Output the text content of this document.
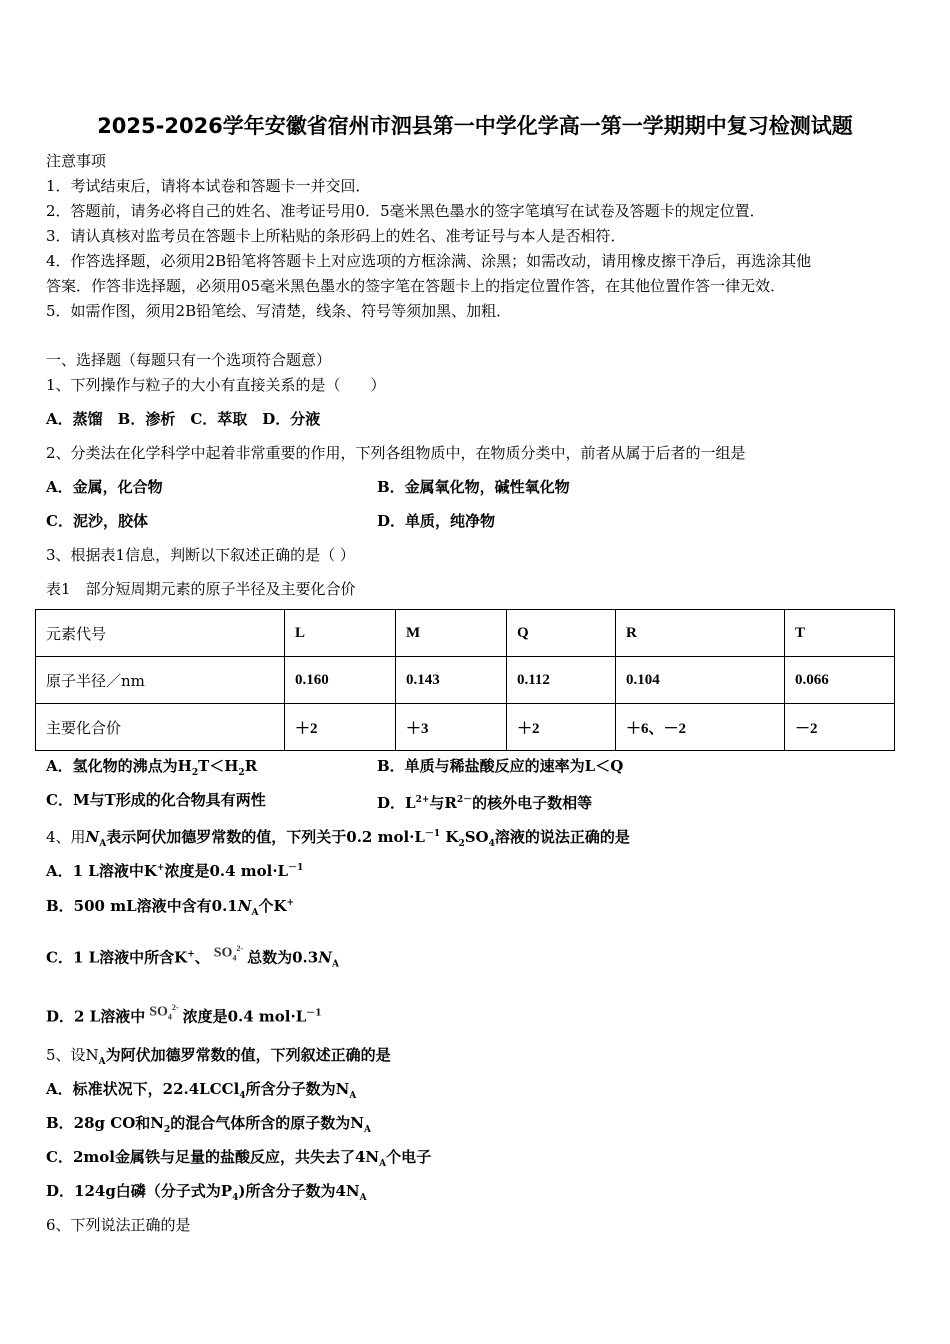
2025-2026学年安徽省宿州市泗县第一中学化学高一第一学期期中复习检测试题
注意事项
1．考试结束后，请将本试卷和答题卡一并交回．
2．答题前，请务必将自己的姓名、准考证号用0．5毫米黑色墨水的签字笔填写在试卷及答题卡的规定位置．
3．请认真核对监考员在答题卡上所粘贴的条形码上的姓名、准考证号与本人是否相符．
4．作答选择题，必须用2B铅笔将答题卡上对应选项的方框涂满、涂黑；如需改动，请用橡皮擦干净后，再选涂其他
答案．作答非选择题，必须用05毫米黑色墨水的签字笔在答题卡上的指定位置作答，在其他位置作答一律无效．
5．如需作图，须用2B铅笔绘、写清楚，线条、符号等须加黑、加粗．
一、选择题（每题只有一个选项符合题意）
1、下列操作与粒子的大小有直接关系的是（　　）
A．蒸馏　B．渗析　C．萃取　D．分液
2、分类法在化学科学中起着非常重要的作用，下列各组物质中，在物质分类中，前者从属于后者的一组是
A．金属，化合物	B．金属氧化物，碱性氧化物
C．泥沙，胶体	D．单质，纯净物
3、根据表1信息，判断以下叙述正确的是（ ）
表1　部分短周期元素的原子半径及主要化合价
元素代号	L	M	Q	R	T
原子半径／nm	0.160	0.143	0.112	0.104	0.066
主要化合价	＋2	＋3	＋2	＋6、－2	－2
A．氢化物的沸点为$H_2T<H_2R$	B．单质与稀盐酸反应的速率为L＜Q
C．M与T形成的化合物具有两性	D．$L^{2+}$与$R^{2-}$的核外电子数相等
4、用$N_A$表示阿伏加德罗常数的值，下列关于0.2 $mol\cdot L^{-1}$ $K_2SO_4$溶液的说法正确的是
A．1 L溶液中K+浓度是0.4 $mol\cdot L^{-1}$
B．500 mL溶液中含有$0.1N_A$个K+
C．1 L溶液中所含K+、 $SO_4^{2-}$总数为$0.3N_A$
D．2 L溶液中 $SO_4^{2-}$浓度是0.4 $mol\cdot L^{-1}$
5、设$N_A$为阿伏加德罗常数的值，下列叙述正确的是
A．标准状况下，22.4LCCl$_4$所含分子数为$N_A$
B．28g CO和$N_2$的混合气体所含的原子数为$N_A$
C．2mol金属铁与足量的盐酸反应，共失去了$4N_A$个电子
D．124g白磷（分子式为$P_4$)所含分子数为$4N_A$
6、下列说法正确的是
